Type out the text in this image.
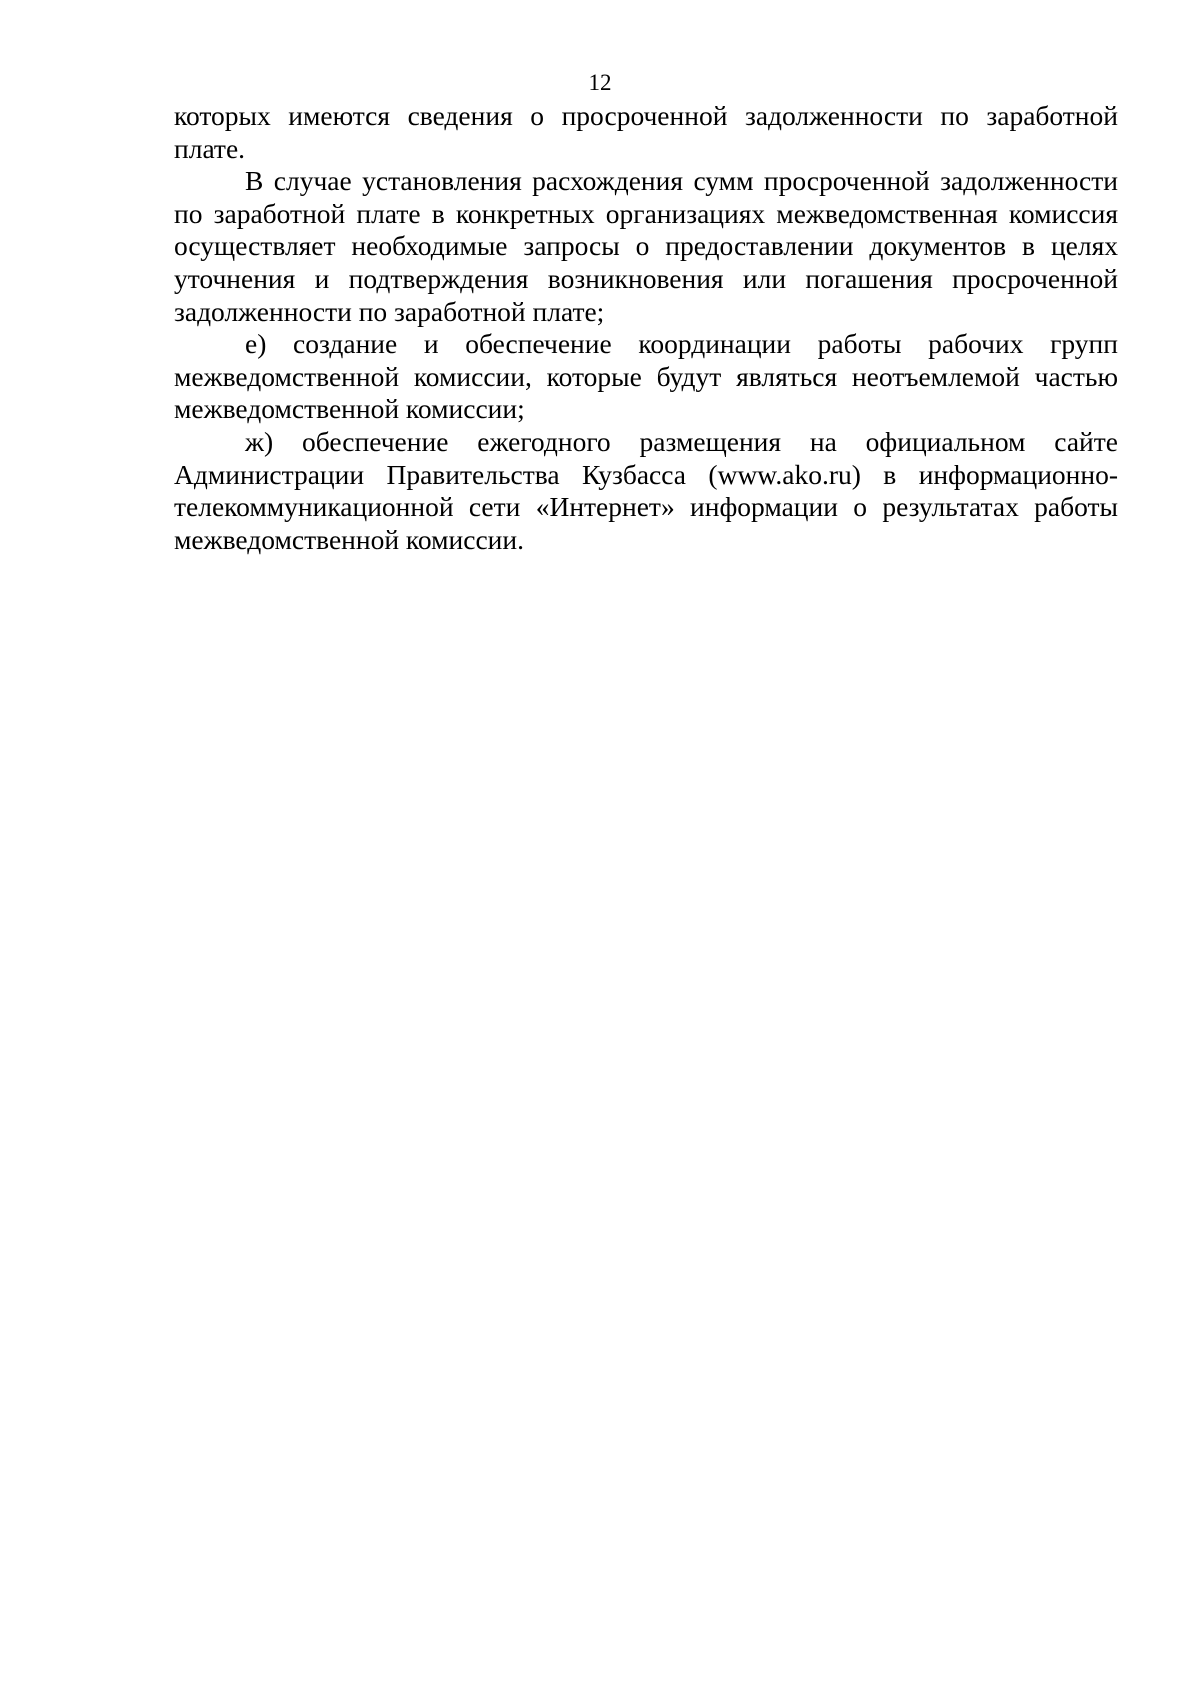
12

которых имеются сведения о просроченной задолженности по заработной плате.

В случае установления расхождения сумм просроченной задолженности по заработной плате в конкретных организациях межведомственная комиссия осуществляет необходимые запросы о предоставлении документов в целях уточнения и подтверждения возникновения или погашения просроченной задолженности по заработной плате;

е) создание и обеспечение координации работы рабочих групп межведомственной комиссии, которые будут являться неотъемлемой частью межведомственной комиссии;

ж) обеспечение ежегодного размещения на официальном сайте Администрации Правительства Кузбасса (www.ako.ru) в информационно-телекоммуникационной сети «Интернет» информации о результатах работы межведомственной комиссии.
